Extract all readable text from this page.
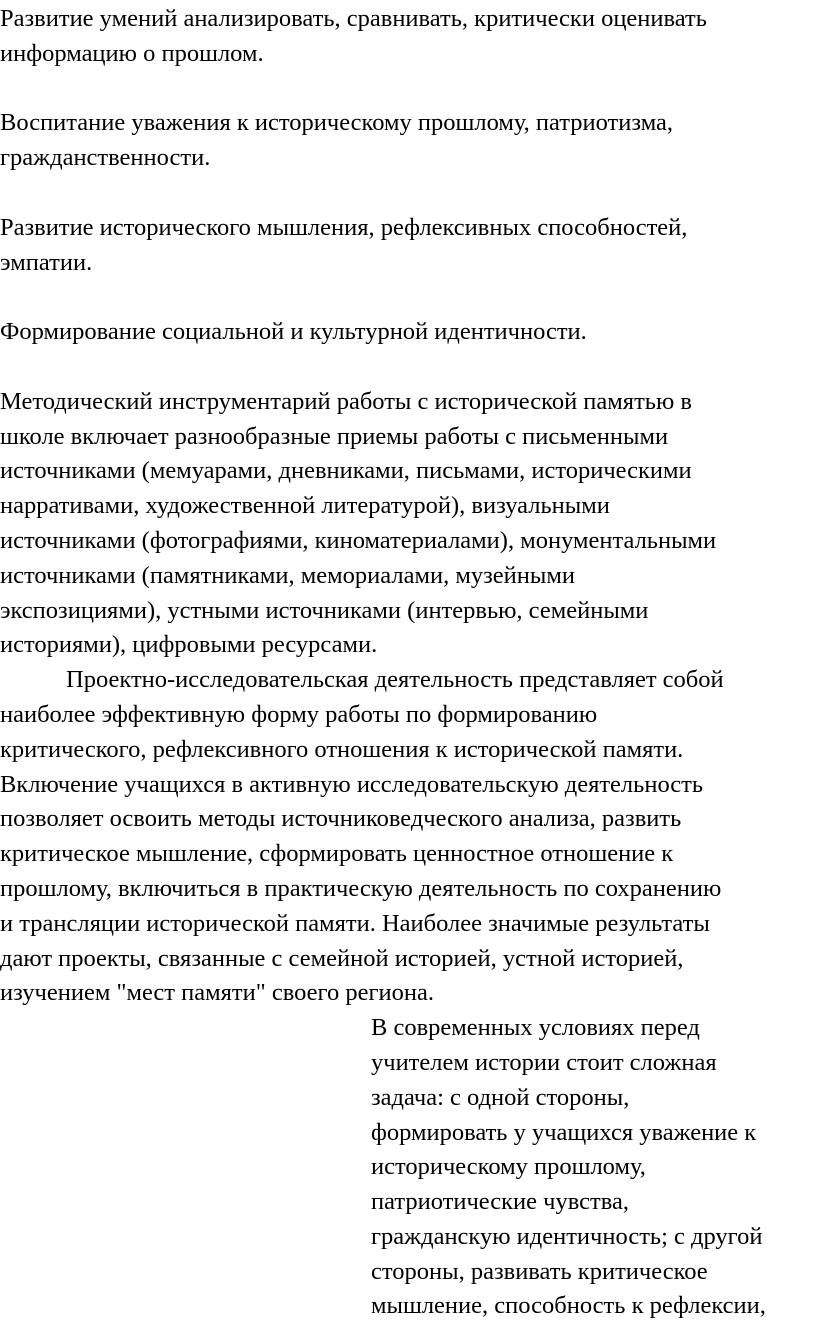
Развитие умений анализировать, сравнивать, критически оценивать

информацию о прошлом.

Воспитание уважения к историческому прошлому, патриотизма,

гражданственности.

Развитие исторического мышления, рефлексивных способностей,

эмпатии.

Формирование социальной и культурной идентичности.

Методический инструментарий работы с исторической памятью в

школе включает разнообразные приемы работы с письменными

источниками (мемуарами, дневниками, письмами, историческими

нарративами, художественной литературой), визуальными

источниками (фотографиями, киноматериалами), монументальными

источниками (памятниками, мемориалами, музейными

экспозициями), устными источниками (интервью, семейными

историями), цифровыми ресурсами.

Проектно-исследовательская деятельность представляет собой

наиболее эффективную форму работы по формированию

критического, рефлексивного отношения к исторической памяти.

Включение учащихся в активную исследовательскую деятельность

позволяет освоить методы источниковедческого анализа, развить

критическое мышление, сформировать ценностное отношение к

прошлому, включиться в практическую деятельность по сохранению

и трансляции исторической памяти. Наиболее значимые результаты

дают проекты, связанные с семейной историей, устной историей,

изучением "мест памяти" своего региона.

В современных условиях перед

учителем истории стоит сложная

задача: с одной стороны,

формировать у учащихся уважение к

историческому прошлому,

патриотические чувства,

гражданскую идентичность; с другой

стороны, развивать критическое

мышление, способность к рефлексии,
